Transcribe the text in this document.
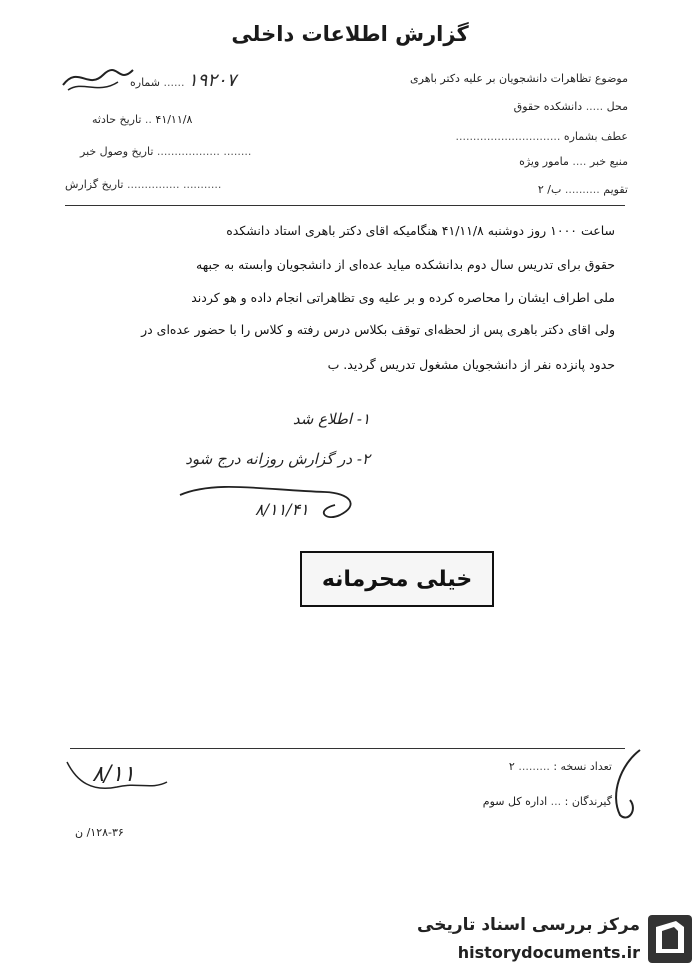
گزارش اطلاعات داخلی
موضوع تظاهرات دانشجویان بر علیه دکتر باهری
محل ..... دانشکده حقوق
عطف بشماره ..............................
منبع خبر .... مامور ویژه
تقویم .......... ب/ ۲
۱۹۲۰۷ ...... شماره
۴۱/۱۱/۸ .. تاریخ حادثه
........ .................. تاریخ وصول خبر
........... ............... تاریخ گزارش
ساعت ۱۰۰۰ روز دوشنبه ۴۱/۱۱/۸ هنگامیکه اقای دکتر باهری استاد دانشکده
حقوق برای تدریس سال دوم بدانشکده میاید عده‌ای از دانشجویان وابسته به جبهه
ملی اطراف ایشان را محاصره کرده و بر علیه وی تظاهراتی انجام داده و هو کردند
ولی اقای دکتر باهری پس از لحظه‌ای توقف بکلاس درس رفته و کلاس را با حضور عده‌ای در
حدود پانزده نفر از دانشجویان مشغول تدریس گردید. ب
۱- اطلاع شد
۲- در گزارش روزانه درج شود
۸/۱۱/۴۱
خیلی محرمانه
تعداد نسخه : ......... ۲
گیرندگان : ... اداره کل سوم
۸/۱۱
۱۲۸-۳۶/ ن
مرکز بررسی اسناد تاریخی
historydocuments.ir
